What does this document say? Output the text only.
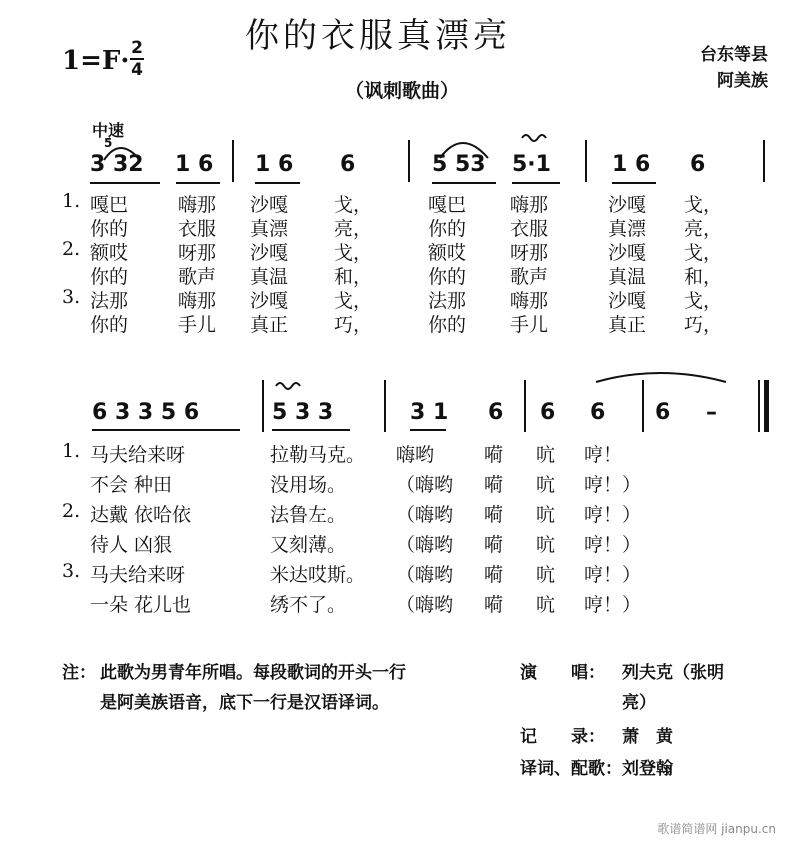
你的衣服真漂亮
（讽刺歌曲）
1=F· 2
4
台东等县
阿美族
中速
5
3 32 1 6 1 6 6	5 53 5·1	1 6 6
1. 嘎巴	嗨那 沙嘎 戈，	嘎巴 嗨那	沙嘎 戈，
你的	衣服 真漂 亮，	你的 衣服	真漂 亮，
2. 额哎	呀那 沙嘎 戈，	额哎 呀那	沙嘎 戈，
你的	歌声 真温 和，	你的 歌声	真温 和，
3. 法那	嗨那 沙嘎 戈，	法那 嗨那	沙嘎 戈，
你的	手儿 真正 巧，	你的 手儿	真正 巧，
6 3 3 5 6	5 3 3	3 1 6 6 6 6 –
1. 马夫给来呀	拉勒马克。 嗨哟	嗬 吭 哼！
不会 种田	没用场。	（嗨哟 嗬 吭 哼！）
2. 达戴 依哈依	法鲁左。	（嗨哟 嗬 吭 哼！）
待人 凶狠	又刻薄。	（嗨哟 嗬 吭 哼！）
3. 马夫给来呀	米达哎斯。 （嗨哟 嗬 吭 哼！）
一朵 花儿也	绣不了。	（嗨哟 嗬 吭 哼！）
注： 此歌为男青年所唱。每段歌词的开头一行
是阿美族语音，底下一行是汉语译词。
演　　唱： 列夫克（张明
亮）
记　　录： 萧　黄
译词、配歌： 刘登翰
歌谱简谱网 jianpu.cn
